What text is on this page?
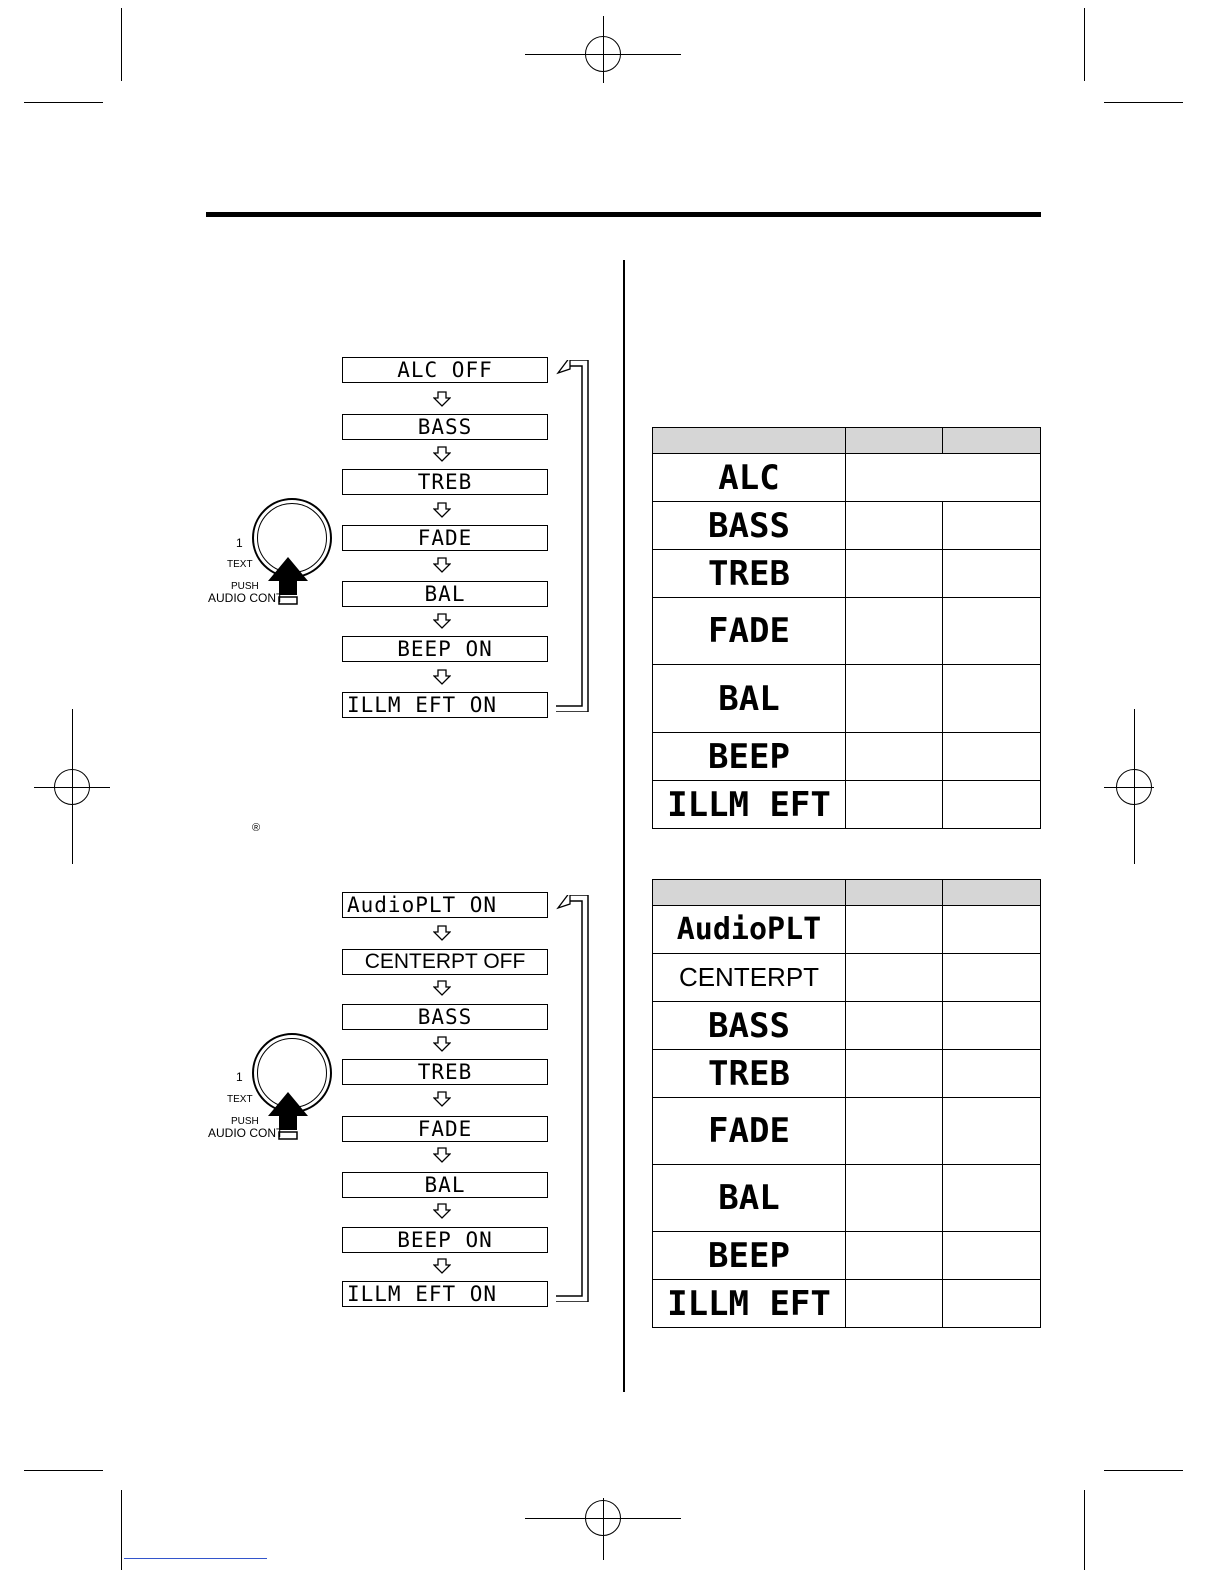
ALC OFF
BASS
TREB
FADE
BAL
BEEP ON
ILLM EFT ON
1
TEXT
PUSH
AUDIO CONT
®
AudioPLT ON
CENTERPT OFF
BASS
TREB
FADE
BAL
BEEP ON
ILLM EFT ON
1
TEXT
PUSH
AUDIO CONT

ALC		
BASS		
TREB		
FADE		
BAL		
BEEP		
ILLM EFT		

AudioPLT		
CENTERPT		
BASS		
TREB		
FADE		
BAL		
BEEP		
ILLM EFT		
